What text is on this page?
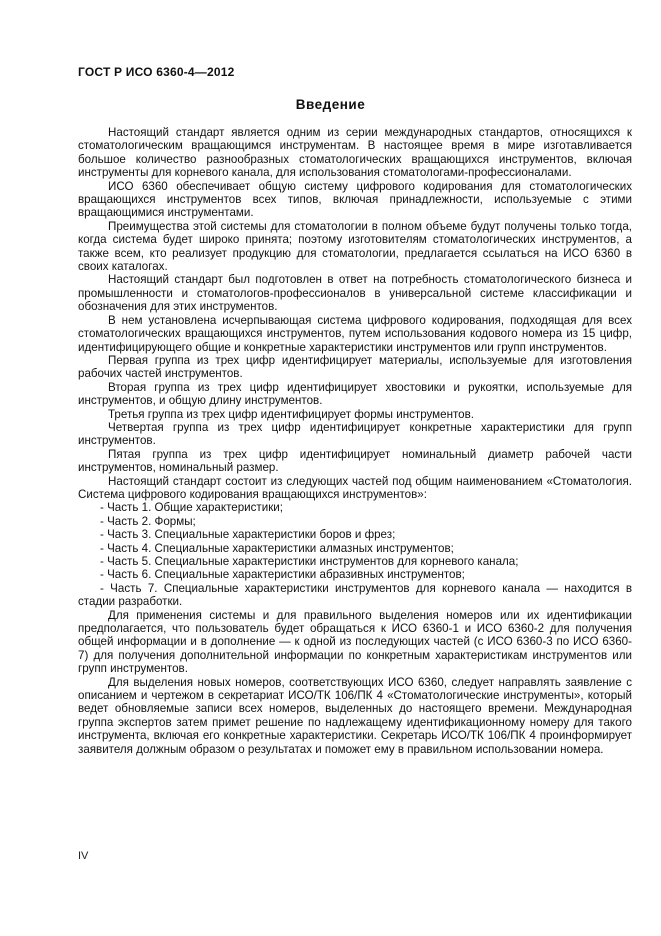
ГОСТ Р ИСО 6360-4—2012
Введение
Настоящий стандарт является одним из серии международных стандартов, относящихся к стоматологическим вращающимся инструментам. В настоящее время в мире изготавливается большое количество разнообразных стоматологических вращающихся инструментов, включая инструменты для корневого канала, для использования стоматологами-профессионалами.
ИСО 6360 обеспечивает общую систему цифрового кодирования для стоматологических вращающихся инструментов всех типов, включая принадлежности, используемые с этими вращающимися инструментами.
Преимущества этой системы для стоматологии в полном объеме будут получены только тогда, когда система будет широко принята; поэтому изготовителям стоматологических инструментов, а также всем, кто реализует продукцию для стоматологии, предлагается ссылаться на ИСО 6360 в своих каталогах.
Настоящий стандарт был подготовлен в ответ на потребность стоматологического бизнеса и промышленности и стоматологов-профессионалов в универсальной системе классификации и обозначения для этих инструментов.
В нем установлена исчерпывающая система цифрового кодирования, подходящая для всех стоматологических вращающихся инструментов, путем использования кодового номера из 15 цифр, идентифицирующего общие и конкретные характеристики инструментов или групп инструментов.
Первая группа из трех цифр идентифицирует материалы, используемые для изготовления рабочих частей инструментов.
Вторая группа из трех цифр идентифицирует хвостовики и рукоятки, используемые для инструментов, и общую длину инструментов.
Третья группа из трех цифр идентифицирует формы инструментов.
Четвертая группа из трех цифр идентифицирует конкретные характеристики для групп инструментов.
Пятая группа из трех цифр идентифицирует номинальный диаметр рабочей части инструментов, номинальный размер.
Настоящий стандарт состоит из следующих частей под общим наименованием «Стоматология. Система цифрового кодирования вращающихся инструментов»:
- Часть 1. Общие характеристики;
- Часть 2. Формы;
- Часть 3. Специальные характеристики боров и фрез;
- Часть 4. Специальные характеристики алмазных инструментов;
- Часть 5. Специальные характеристики инструментов для корневого канала;
- Часть 6. Специальные характеристики абразивных инструментов;
- Часть 7. Специальные характеристики инструментов для корневого канала — находится в стадии разработки.
Для применения системы и для правильного выделения номеров или их идентификации предполагается, что пользователь будет обращаться к ИСО 6360-1 и ИСО 6360-2 для получения общей информации и в дополнение — к одной из последующих частей (с ИСО 6360-3 по ИСО 6360-7) для получения дополнительной информации по конкретным характеристикам инструментов или групп инструментов.
Для выделения новых номеров, соответствующих ИСО 6360, следует направлять заявление с описанием и чертежом в секретариат ИСО/ТК 106/ПК 4 «Стоматологические инструменты», который ведет обновляемые записи всех номеров, выделенных до настоящего времени. Международная группа экспертов затем примет решение по надлежащему идентификационному номеру для такого инструмента, включая его конкретные характеристики. Секретарь ИСО/ТК 106/ПК 4 проинформирует заявителя должным образом о результатах и поможет ему в правильном использовании номера.
IV
